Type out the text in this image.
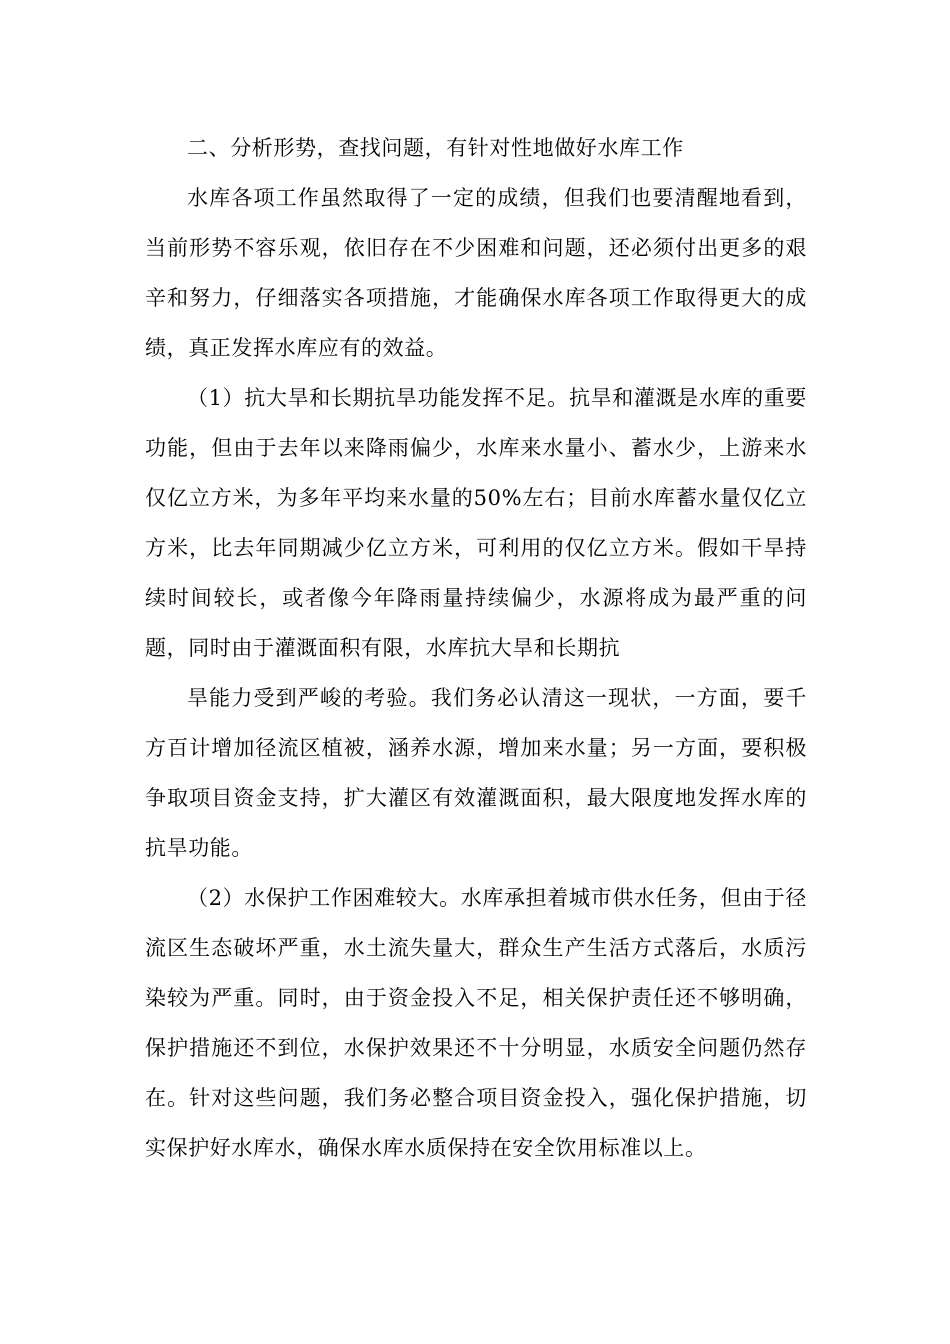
二、分析形势，查找问题，有针对性地做好水库工作

水库各项工作虽然取得了一定的成绩，但我们也要清醒地看到，当前形势不容乐观，依旧存在不少困难和问题，还必须付出更多的艰辛和努力，仔细落实各项措施，才能确保水库各项工作取得更大的成绩，真正发挥水库应有的效益。

（1）抗大旱和长期抗旱功能发挥不足。抗旱和灌溉是水库的重要功能，但由于去年以来降雨偏少，水库来水量小、蓄水少，上游来水仅亿立方米，为多年平均来水量的50%左右；目前水库蓄水量仅亿立方米，比去年同期减少亿立方米，可利用的仅亿立方米。假如干旱持续时间较长，或者像今年降雨量持续偏少，水源将成为最严重的问题，同时由于灌溉面积有限，水库抗大旱和长期抗

旱能力受到严峻的考验。我们务必认清这一现状，一方面，要千方百计增加径流区植被，涵养水源，增加来水量；另一方面，要积极争取项目资金支持，扩大灌区有效灌溉面积，最大限度地发挥水库的抗旱功能。

（2）水保护工作困难较大。水库承担着城市供水任务，但由于径流区生态破坏严重，水土流失量大，群众生产生活方式落后，水质污染较为严重。同时，由于资金投入不足，相关保护责任还不够明确，保护措施还不到位，水保护效果还不十分明显，水质安全问题仍然存在。针对这些问题，我们务必整合项目资金投入，强化保护措施，切实保护好水库水，确保水库水质保持在安全饮用标准以上。
